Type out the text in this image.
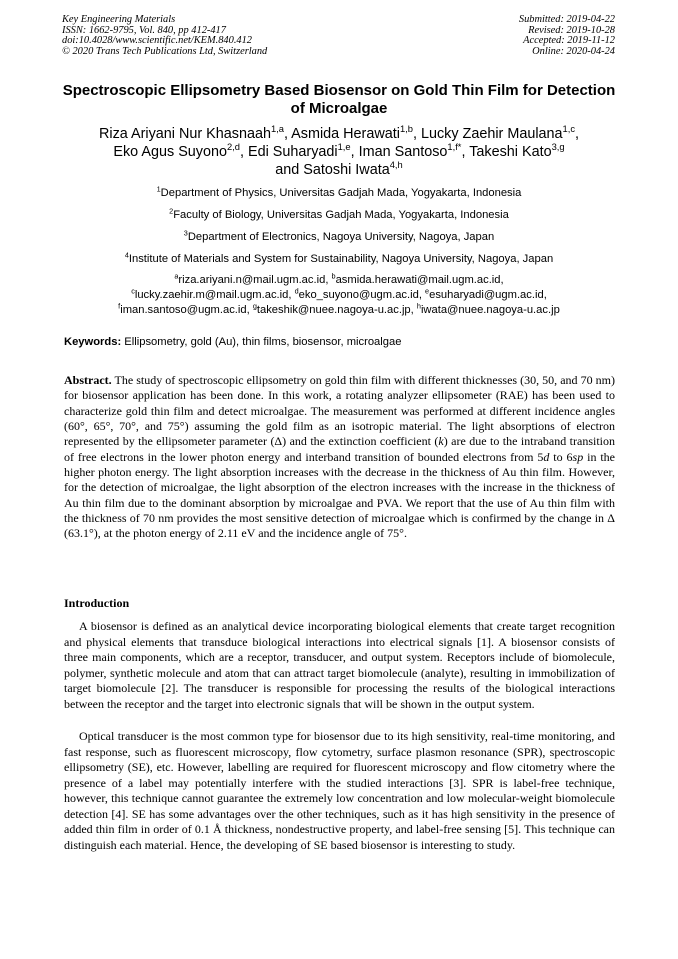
Key Engineering Materials
ISSN: 1662-9795, Vol. 840, pp 412-417
doi:10.4028/www.scientific.net/KEM.840.412
© 2020 Trans Tech Publications Ltd, Switzerland
Submitted: 2019-04-22
Revised: 2019-10-28
Accepted: 2019-11-12
Online: 2020-04-24
Spectroscopic Ellipsometry Based Biosensor on Gold Thin Film for Detection of Microalgae
Riza Ariyani Nur Khasnaah$^{1,a}$, Asmida Herawati$^{1,b}$, Lucky Zaehir Maulana$^{1,c}$,
Eko Agus Suyono$^{2,d}$, Edi Suharyadi$^{1,e}$, Iman Santoso$^{1,f*}$, Takeshi Kato$^{3,g}$
and Satoshi Iwata$^{4,h}$
$^1$Department of Physics, Universitas Gadjah Mada, Yogyakarta, Indonesia
$^2$Faculty of Biology, Universitas Gadjah Mada, Yogyakarta, Indonesia
$^3$Department of Electronics, Nagoya University, Nagoya, Japan
$^4$Institute of Materials and System for Sustainability, Nagoya University, Nagoya, Japan
$^a$riza.ariyani.n@mail.ugm.ac.id, $^b$asmida.herawati@mail.ugm.ac.id,
$^c$lucky.zaehir.m@mail.ugm.ac.id, $^d$eko_suyono@ugm.ac.id, $^e$esuharyadi@ugm.ac.id,
$^f$iman.santoso@ugm.ac.id, $^g$takeshik@nuee.nagoya-u.ac.jp, $^h$iwata@nuee.nagoya-u.ac.jp
Keywords: Ellipsometry, gold (Au), thin films, biosensor, microalgae

Abstract. The study of spectroscopic ellipsometry on gold thin film with different thicknesses (30, 50, and 70 nm) for biosensor application has been done. In this work, a rotating analyzer ellipsometer (RAE) has been used to characterize gold thin film and detect microalgae. The measurement was performed at different incidence angles (60°, 65°, 70°, and 75°) assuming the gold film as an isotropic material. The light absorptions of electron represented by the ellipsometer parameter (Δ) and the extinction coefficient (k) are due to the intraband transition of free electrons in the lower photon energy and interband transition of bounded electrons from 5d to 6sp in the higher photon energy. The light absorption increases with the decrease in the thickness of Au thin film. However, for the detection of microalgae, the light absorption of the electron increases with the increase in the thickness of Au thin film due to the dominant absorption by microalgae and PVA. We report that the use of Au thin film with the thickness of 70 nm provides the most sensitive detection of microalgae which is confirmed by the change in Δ (63.1°), at the photon energy of 2.11 eV and the incidence angle of 75°.

Introduction

A biosensor is defined as an analytical device incorporating biological elements that create target recognition and physical elements that transduce biological interactions into electrical signals [1]. A biosensor consists of three main components, which are a receptor, transducer, and output system. Receptors include of biomolecule, polymer, synthetic molecule and atom that can attract target biomolecule (analyte), resulting in immobilization of target biomolecule [2]. The transducer is responsible for processing the results of the biological interactions between the receptor and the target into electronic signals that will be shown in the output system.

Optical transducer is the most common type for biosensor due to its high sensitivity, real-time monitoring, and fast response, such as fluorescent microscopy, flow cytometry, surface plasmon resonance (SPR), spectroscopic ellipsometry (SE), etc. However, labelling are required for fluorescent microscopy and flow citometry where the presence of a label may potentially interfere with the studied interactions [3]. SPR is label-free technique, however, this technique cannot guarantee the extremely low concentration and low molecular-weight biomolecule detection [4]. SE has some advantages over the other techniques, such as it has high sensitivity in the presence of added thin film in order of 0.1 Å thickness, nondestructive property, and label-free sensing [5]. This technique can distinguish each material. Hence, the developing of SE based biosensor is interesting to study.
